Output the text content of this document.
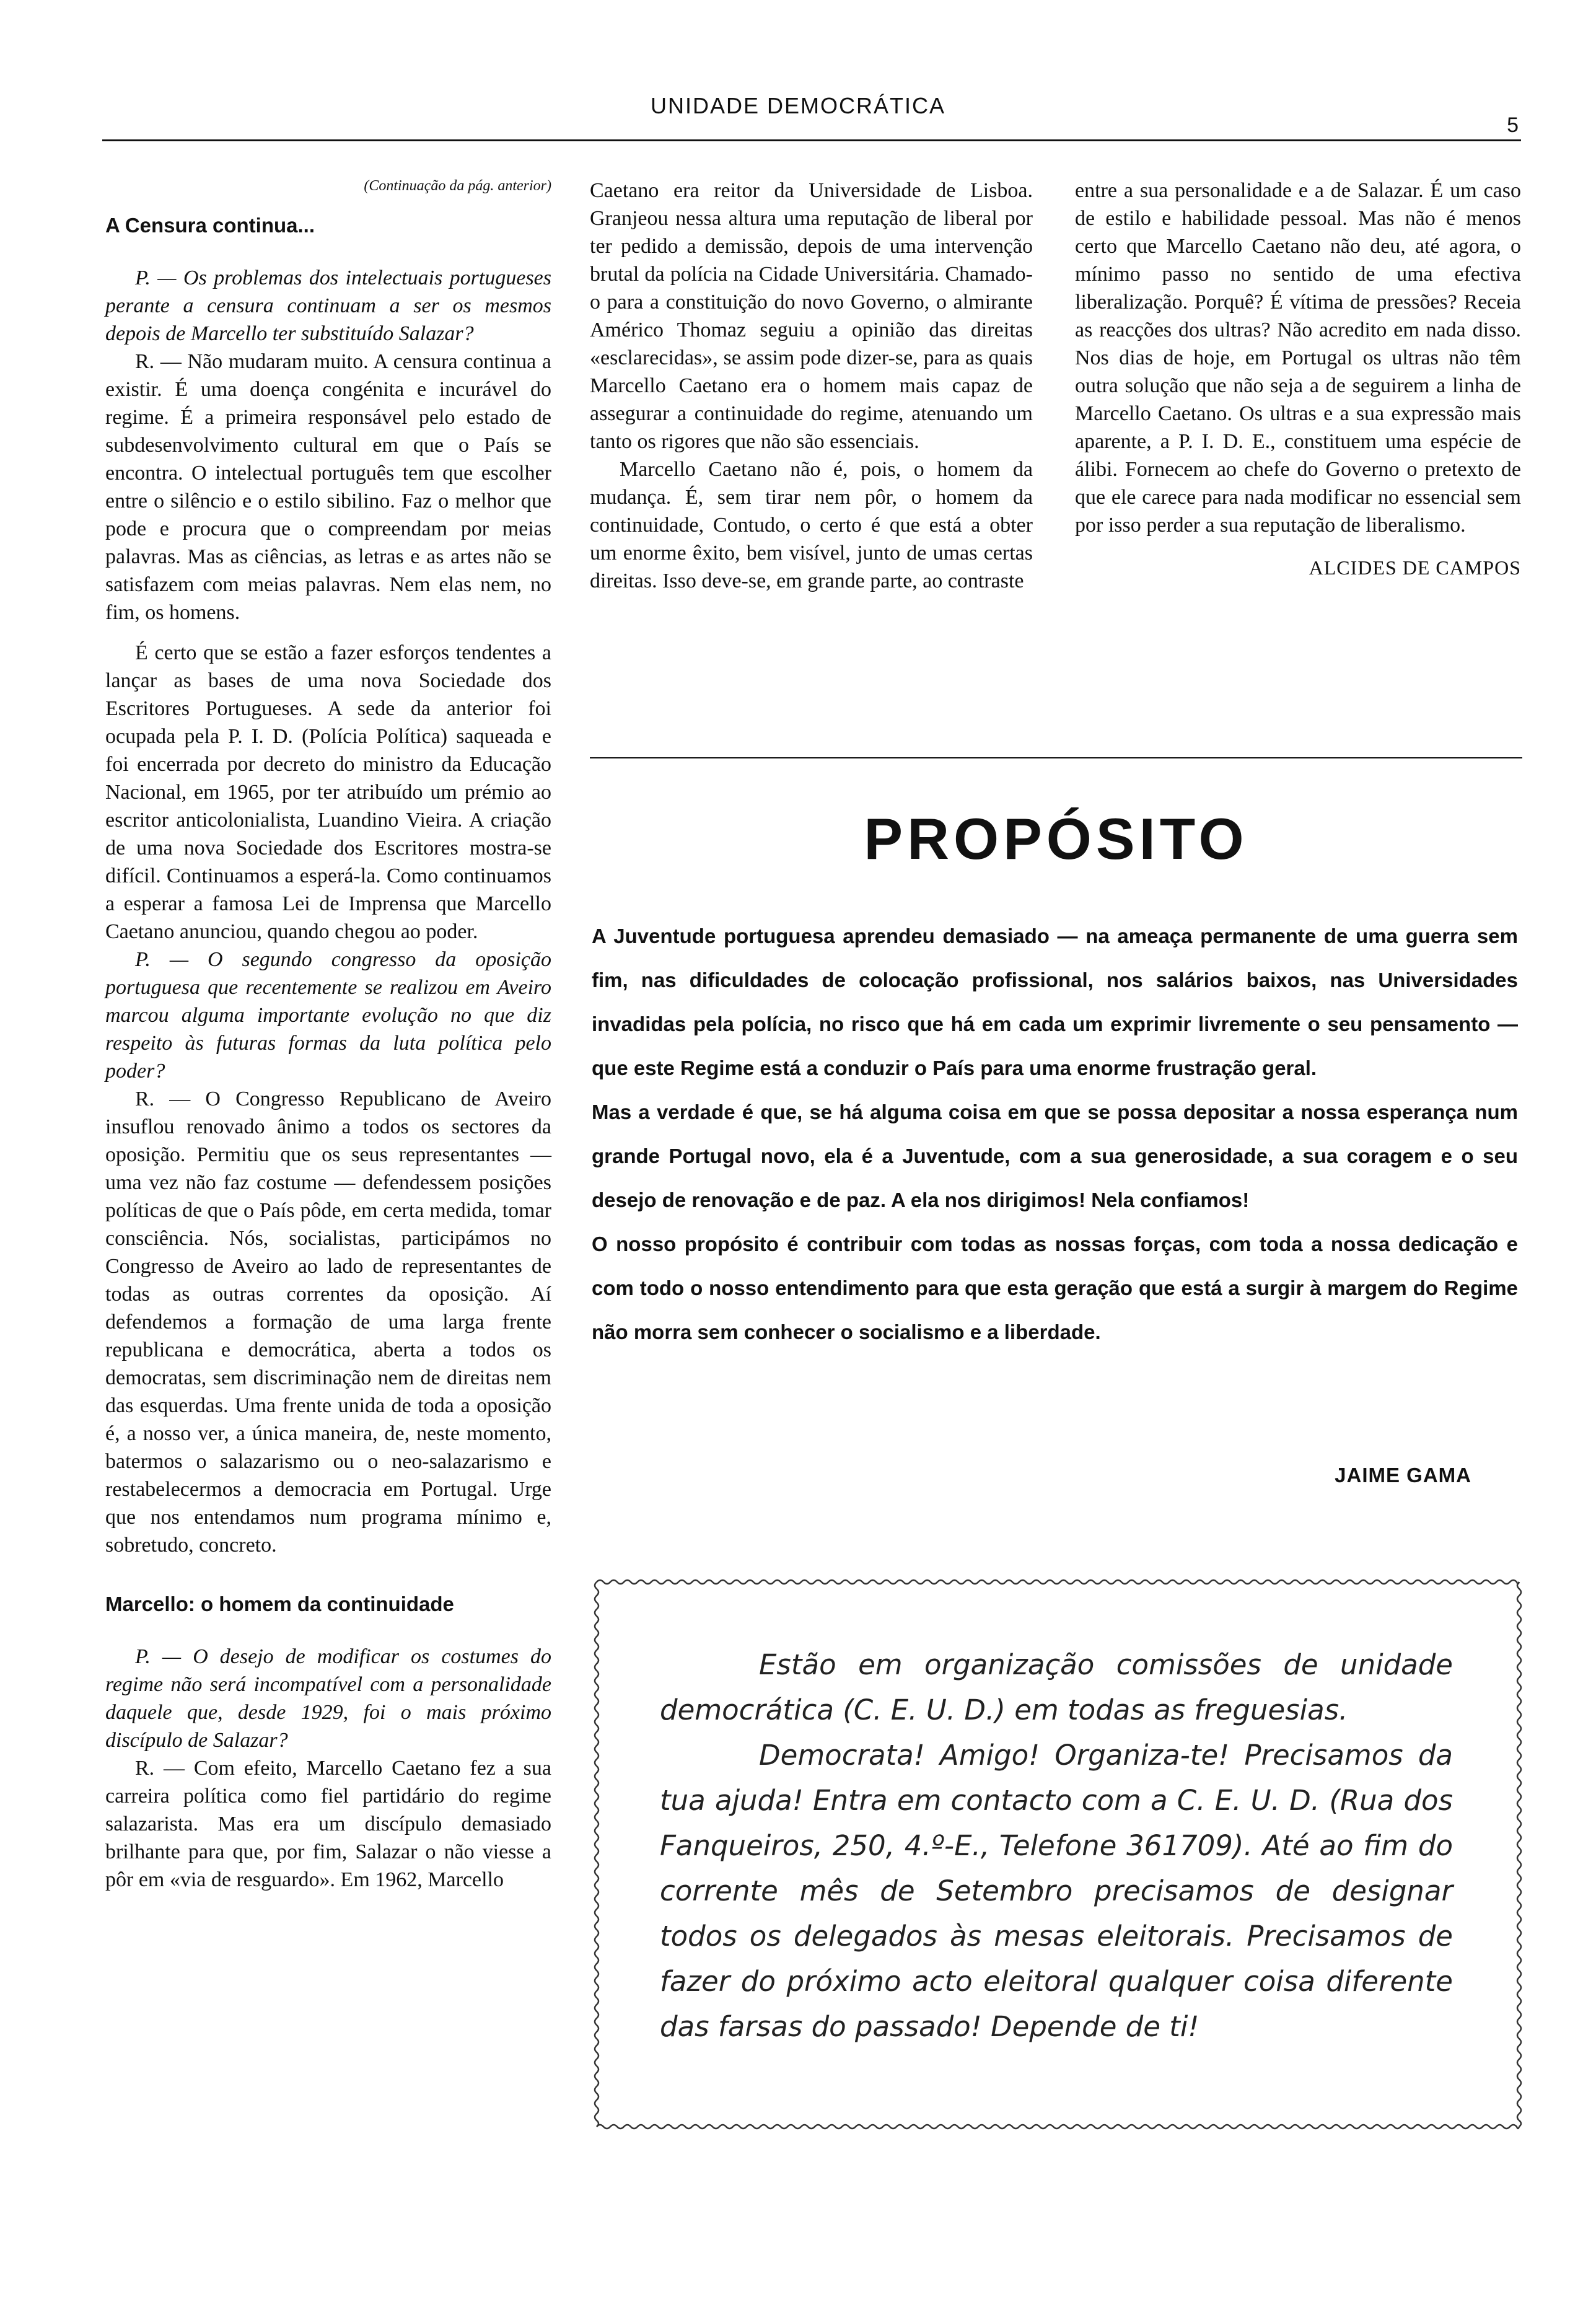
UNIDADE DEMOCRÁTICA
5
(Continuação da pág. anterior)
A Censura continua...

P. — Os problemas dos intelectuais portugueses perante a censura continuam a ser os mesmos depois de Marcello ter substituído Salazar?

R. — Não mudaram muito. A censura continua a existir. É uma doença congénita e incurável do regime. É a primeira responsável pelo estado de subdesenvolvimento cultural em que o País se encontra. O intelectual português tem que escolher entre o silêncio e o estilo sibilino. Faz o melhor que pode e procura que o compreendam por meias palavras. Mas as ciências, as letras e as artes não se satisfazem com meias palavras. Nem elas nem, no fim, os homens.

É certo que se estão a fazer esforços tendentes a lançar as bases de uma nova Sociedade dos Escritores Portugueses. A sede da anterior foi ocupada pela P. I. D. (Polícia Política) saqueada e foi encerrada por decreto do ministro da Educação Nacional, em 1965, por ter atribuído um prémio ao escritor anticolonialista, Luandino Vieira. A criação de uma nova Sociedade dos Escritores mostra-se difícil. Continuamos a esperá-la. Como continuamos a esperar a famosa Lei de Imprensa que Marcello Caetano anunciou, quando chegou ao poder.

P. — O segundo congresso da oposição portuguesa que recentemente se realizou em Aveiro marcou alguma importante evolução no que diz respeito às futuras formas da luta política pelo poder?

R. — O Congresso Republicano de Aveiro insuflou renovado ânimo a todos os sectores da oposição. Permitiu que os seus representantes — uma vez não faz costume — defendessem posições políticas de que o País pôde, em certa medida, tomar consciência. Nós, socialistas, participámos no Congresso de Aveiro ao lado de representantes de todas as outras correntes da oposição. Aí defendemos a formação de uma larga frente republicana e democrática, aberta a todos os democratas, sem discriminação nem de direitas nem das esquerdas. Uma frente unida de toda a oposição é, a nosso ver, a única maneira, de, neste momento, batermos o salazarismo ou o neo-salazarismo e restabelecermos a democracia em Portugal. Urge que nos entendamos num programa mínimo e, sobretudo, concreto.

Marcello: o homem da continuidade

P. — O desejo de modificar os costumes do regime não será incompatível com a personalidade daquele que, desde 1929, foi o mais próximo discípulo de Salazar?

R. — Com efeito, Marcello Caetano fez a sua carreira política como fiel partidário do regime salazarista. Mas era um discípulo demasiado brilhante para que, por fim, Salazar o não viesse a pôr em «via de resguardo». Em 1962, Marcello

Caetano era reitor da Universidade de Lisboa. Granjeou nessa altura uma reputação de liberal por ter pedido a demissão, depois de uma intervenção brutal da polícia na Cidade Universitária. Chamado-o para a constituição do novo Governo, o almirante Américo Thomaz seguiu a opinião das direitas «esclarecidas», se assim pode dizer-se, para as quais Marcello Caetano era o homem mais capaz de assegurar a continuidade do regime, atenuando um tanto os rigores que não são essenciais.

Marcello Caetano não é, pois, o homem da mudança. É, sem tirar nem pôr, o homem da continuidade, Contudo, o certo é que está a obter um enorme êxito, bem visível, junto de umas certas direitas. Isso deve-se, em grande parte, ao contraste

entre a sua personalidade e a de Salazar. É um caso de estilo e habilidade pessoal. Mas não é menos certo que Marcello Caetano não deu, até agora, o mínimo passo no sentido de uma efectiva liberalização. Porquê? É vítima de pressões? Receia as reacções dos ultras? Não acredito em nada disso. Nos dias de hoje, em Portugal os ultras não têm outra solução que não seja a de seguirem a linha de Marcello Caetano. Os ultras e a sua expressão mais aparente, a P. I. D. E., constituem uma espécie de álibi. Fornecem ao chefe do Governo o pretexto de que ele carece para nada modificar no essencial sem por isso perder a sua reputação de liberalismo.

ALCIDES DE CAMPOS
PROPÓSITO

A Juventude portuguesa aprendeu demasiado — na ameaça permanente de uma guerra sem fim, nas dificuldades de colocação profissional, nos salários baixos, nas Universidades invadidas pela polícia, no risco que há em cada um exprimir livremente o seu pensamento — que este Regime está a conduzir o País para uma enorme frustração geral.

Mas a verdade é que, se há alguma coisa em que se possa depositar a nossa esperança num grande Portugal novo, ela é a Juventude, com a sua generosidade, a sua coragem e o seu desejo de renovação e de paz. A ela nos dirigimos! Nela confiamos!

O nosso propósito é contribuir com todas as nossas forças, com toda a nossa dedicação e com todo o nosso entendimento para que esta geração que está a surgir à margem do Regime não morra sem conhecer o socialismo e a liberdade.

JAIME GAMA

Estão em organização comissões de unidade democrática (C. E. U. D.) em todas as freguesias.

Democrata! Amigo! Organiza-te! Precisamos da tua ajuda! Entra em contacto com a C. E. U. D. (Rua dos Fanqueiros, 250, 4.º-E., Telefone 361709). Até ao fim do corrente mês de Setembro precisamos de designar todos os delegados às mesas eleitorais. Precisamos de fazer do próximo acto eleitoral qualquer coisa diferente das farsas do passado! Depende de ti!
